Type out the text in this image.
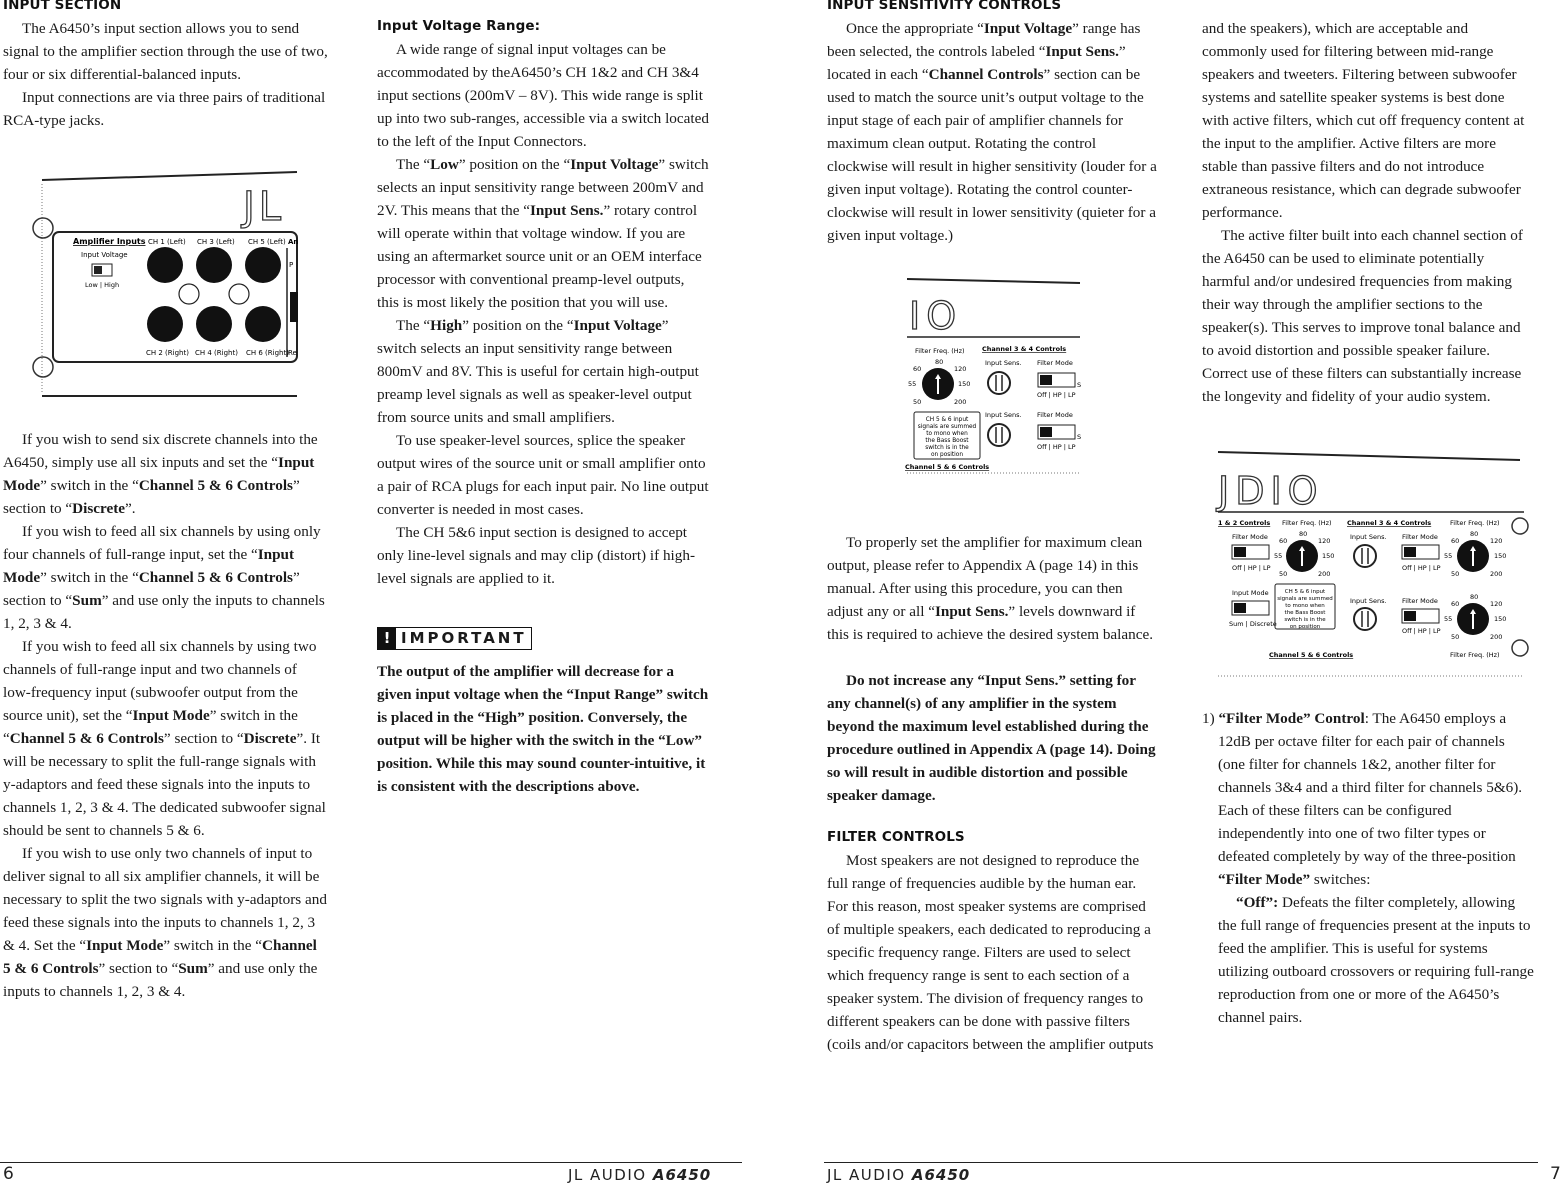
INPUT SECTION

The A6450’s input section allows you to send signal to the amplifier section through the use of two, four or six differential-balanced inputs.

Input connections are via three pairs of traditional RCA-type jacks.

JL
Amplifier Inputs
Input Voltage
Low | High
CH 1 (Left) CH 3 (Left) CH 5 (Left) An
CH 2 (Right) CH 4 (Right) CH 6 (Right)
P
Re

If you wish to send six discrete channels into the A6450, simply use all six inputs and set the “Input Mode” switch in the “Channel 5 & 6 Controls” section to “Discrete”.

If you wish to feed all six channels by using only four channels of full-range input, set the “Input Mode” switch in the “Channel 5 & 6 Controls” section to “Sum” and use only the inputs to channels 1, 2, 3 & 4.

If you wish to feed all six channels by using two channels of full-range input and two channels of low-frequency input (subwoofer output from the source unit), set the “Input Mode” switch in the “Channel 5 & 6 Controls” section to “Discrete”. It will be necessary to split the full-range signals with y-adaptors and feed these signals into the inputs to channels 1, 2, 3 & 4. The dedicated subwoofer signal should be sent to channels 5 & 6.

If you wish to use only two channels of input to deliver signal to all six amplifier channels, it will be necessary to split the two signals with y-adaptors and feed these signals into the inputs to channels 1, 2, 3 & 4. Set the “Input Mode” switch in the “Channel 5 & 6 Controls” section to “Sum” and use only the inputs to channels 1, 2, 3 & 4.

Input Voltage Range:

A wide range of signal input voltages can be accommodated by theA6450’s CH 1&2 and CH 3&4 input sections (200mV – 8V). This wide range is split up into two sub-ranges, accessible via a switch located to the left of the Input Connectors.

The “Low” position on the “Input Voltage” switch selects an input sensitivity range between 200mV and 2V. This means that the “Input Sens.” rotary control will operate within that voltage window. If you are using an aftermarket source unit or an OEM interface processor with conventional preamp-level outputs, this is most likely the position that you will use.

The “High” position on the “Input Voltage” switch selects an input sensitivity range between 800mV and 8V. This is useful for certain high-output preamp level signals as well as speaker-level output from source units and small amplifiers.

To use speaker-level sources, splice the speaker output wires of the source unit or small amplifier onto a pair of RCA plugs for each input pair. No line output converter is needed in most cases.

The CH 5&6 input section is designed to accept only line-level signals and may clip (distort) if high-level signals are applied to it.

! IMPORTANT

The output of the amplifier will decrease for a given input voltage when the “Input Range” switch is placed in the “High” position. Conversely, the output will be higher with the switch in the “Low” position. While this may sound counter-intuitive, it is consistent with the descriptions above.

INPUT SENSITIVITY CONTROLS

Once the appropriate “Input Voltage” range has been selected, the controls labeled “Input Sens.” located in each “Channel Controls” section can be used to match the source unit’s output voltage to the input stage of each pair of amplifier channels for maximum clean output. Rotating the control clockwise will result in higher sensitivity (louder for a given input voltage). Rotating the control counter-clockwise will result in lower sensitivity (quieter for a given input voltage.)

IO
Filter Freq. (Hz)
80
60	120
55	150
50	200
Channel 3 & 4 Controls
Input Sens. Filter Mode
Off | HP | LP
CH 5 & 6 input
signals are summed
to mono when
the Bass Boost
switch is in the
on position
Input Sens. Filter Mode
Off | HP | LP
S
S
Channel 5 & 6 Controls

To properly set the amplifier for maximum clean output, please refer to Appendix A (page 14) in this manual. After using this procedure, you can then adjust any or all “Input Sens.” levels downward if this is required to achieve the desired system balance.

Do not increase any “Input Sens.” setting for any channel(s) of any amplifier in the system beyond the maximum level established during the procedure outlined in Appendix A (page 14). Doing so will result in audible distortion and possible speaker damage.

FILTER CONTROLS

Most speakers are not designed to reproduce the full range of frequencies audible by the human ear. For this reason, most speaker systems are comprised of multiple speakers, each dedicated to reproducing a specific frequency range. Filters are used to select which frequency range is sent to each section of a speaker system. The division of frequency ranges to different speakers can be done with passive filters (coils and/or capacitors between the amplifier outputs

and the speakers), which are acceptable and commonly used for filtering between mid-range speakers and tweeters. Filtering between subwoofer systems and satellite speaker systems is best done with active filters, which cut off frequency content at the input to the amplifier. Active filters are more stable than passive filters and do not introduce extraneous resistance, which can degrade subwoofer performance.

The active filter built into each channel section of the A6450 can be used to eliminate potentially harmful and/or undesired frequencies from making their way through the amplifier sections to the speaker(s). This serves to improve tonal balance and to avoid distortion and possible speaker failure. Correct use of these filters can substantially increase the longevity and fidelity of your audio system.

JDIO
1 & 2 Controls
Filter Mode
Off | HP | LP
Filter Freq. (Hz)
80
60	120
55	150
50	200
Input Mode
Sum | Discrete
CH 5 & 6 input
signals are summed
to mono when
the Bass Boost
switch is in the
on position
Channel 3 & 4 Controls
Input Sens.
Input Sens.
Filter Mode
Off | HP | LP
Filter Mode
Off | HP | LP
Filter Freq. (Hz)
80
60	120
55	150
50	200
80
60	120
55	150
50	200
Filter Freq. (Hz)
Channel 5 & 6 Controls

1) “Filter Mode” Control: The A6450 employs a 12dB per octave filter for each pair of channels (one filter for channels 1&2, another filter for channels 3&4 and a third filter for channels 5&6). Each of these filters can be configured independently into one of two filter types or defeated completely by way of the three-position “Filter Mode” switches:

“Off”: Defeats the filter completely, allowing the full range of frequencies present at the inputs to feed the amplifier. This is useful for systems utilizing outboard crossovers or requiring full-range reproduction from one or more of the A6450’s channel pairs.

6	JL AUDIO A6450	JL AUDIO A6450	7
